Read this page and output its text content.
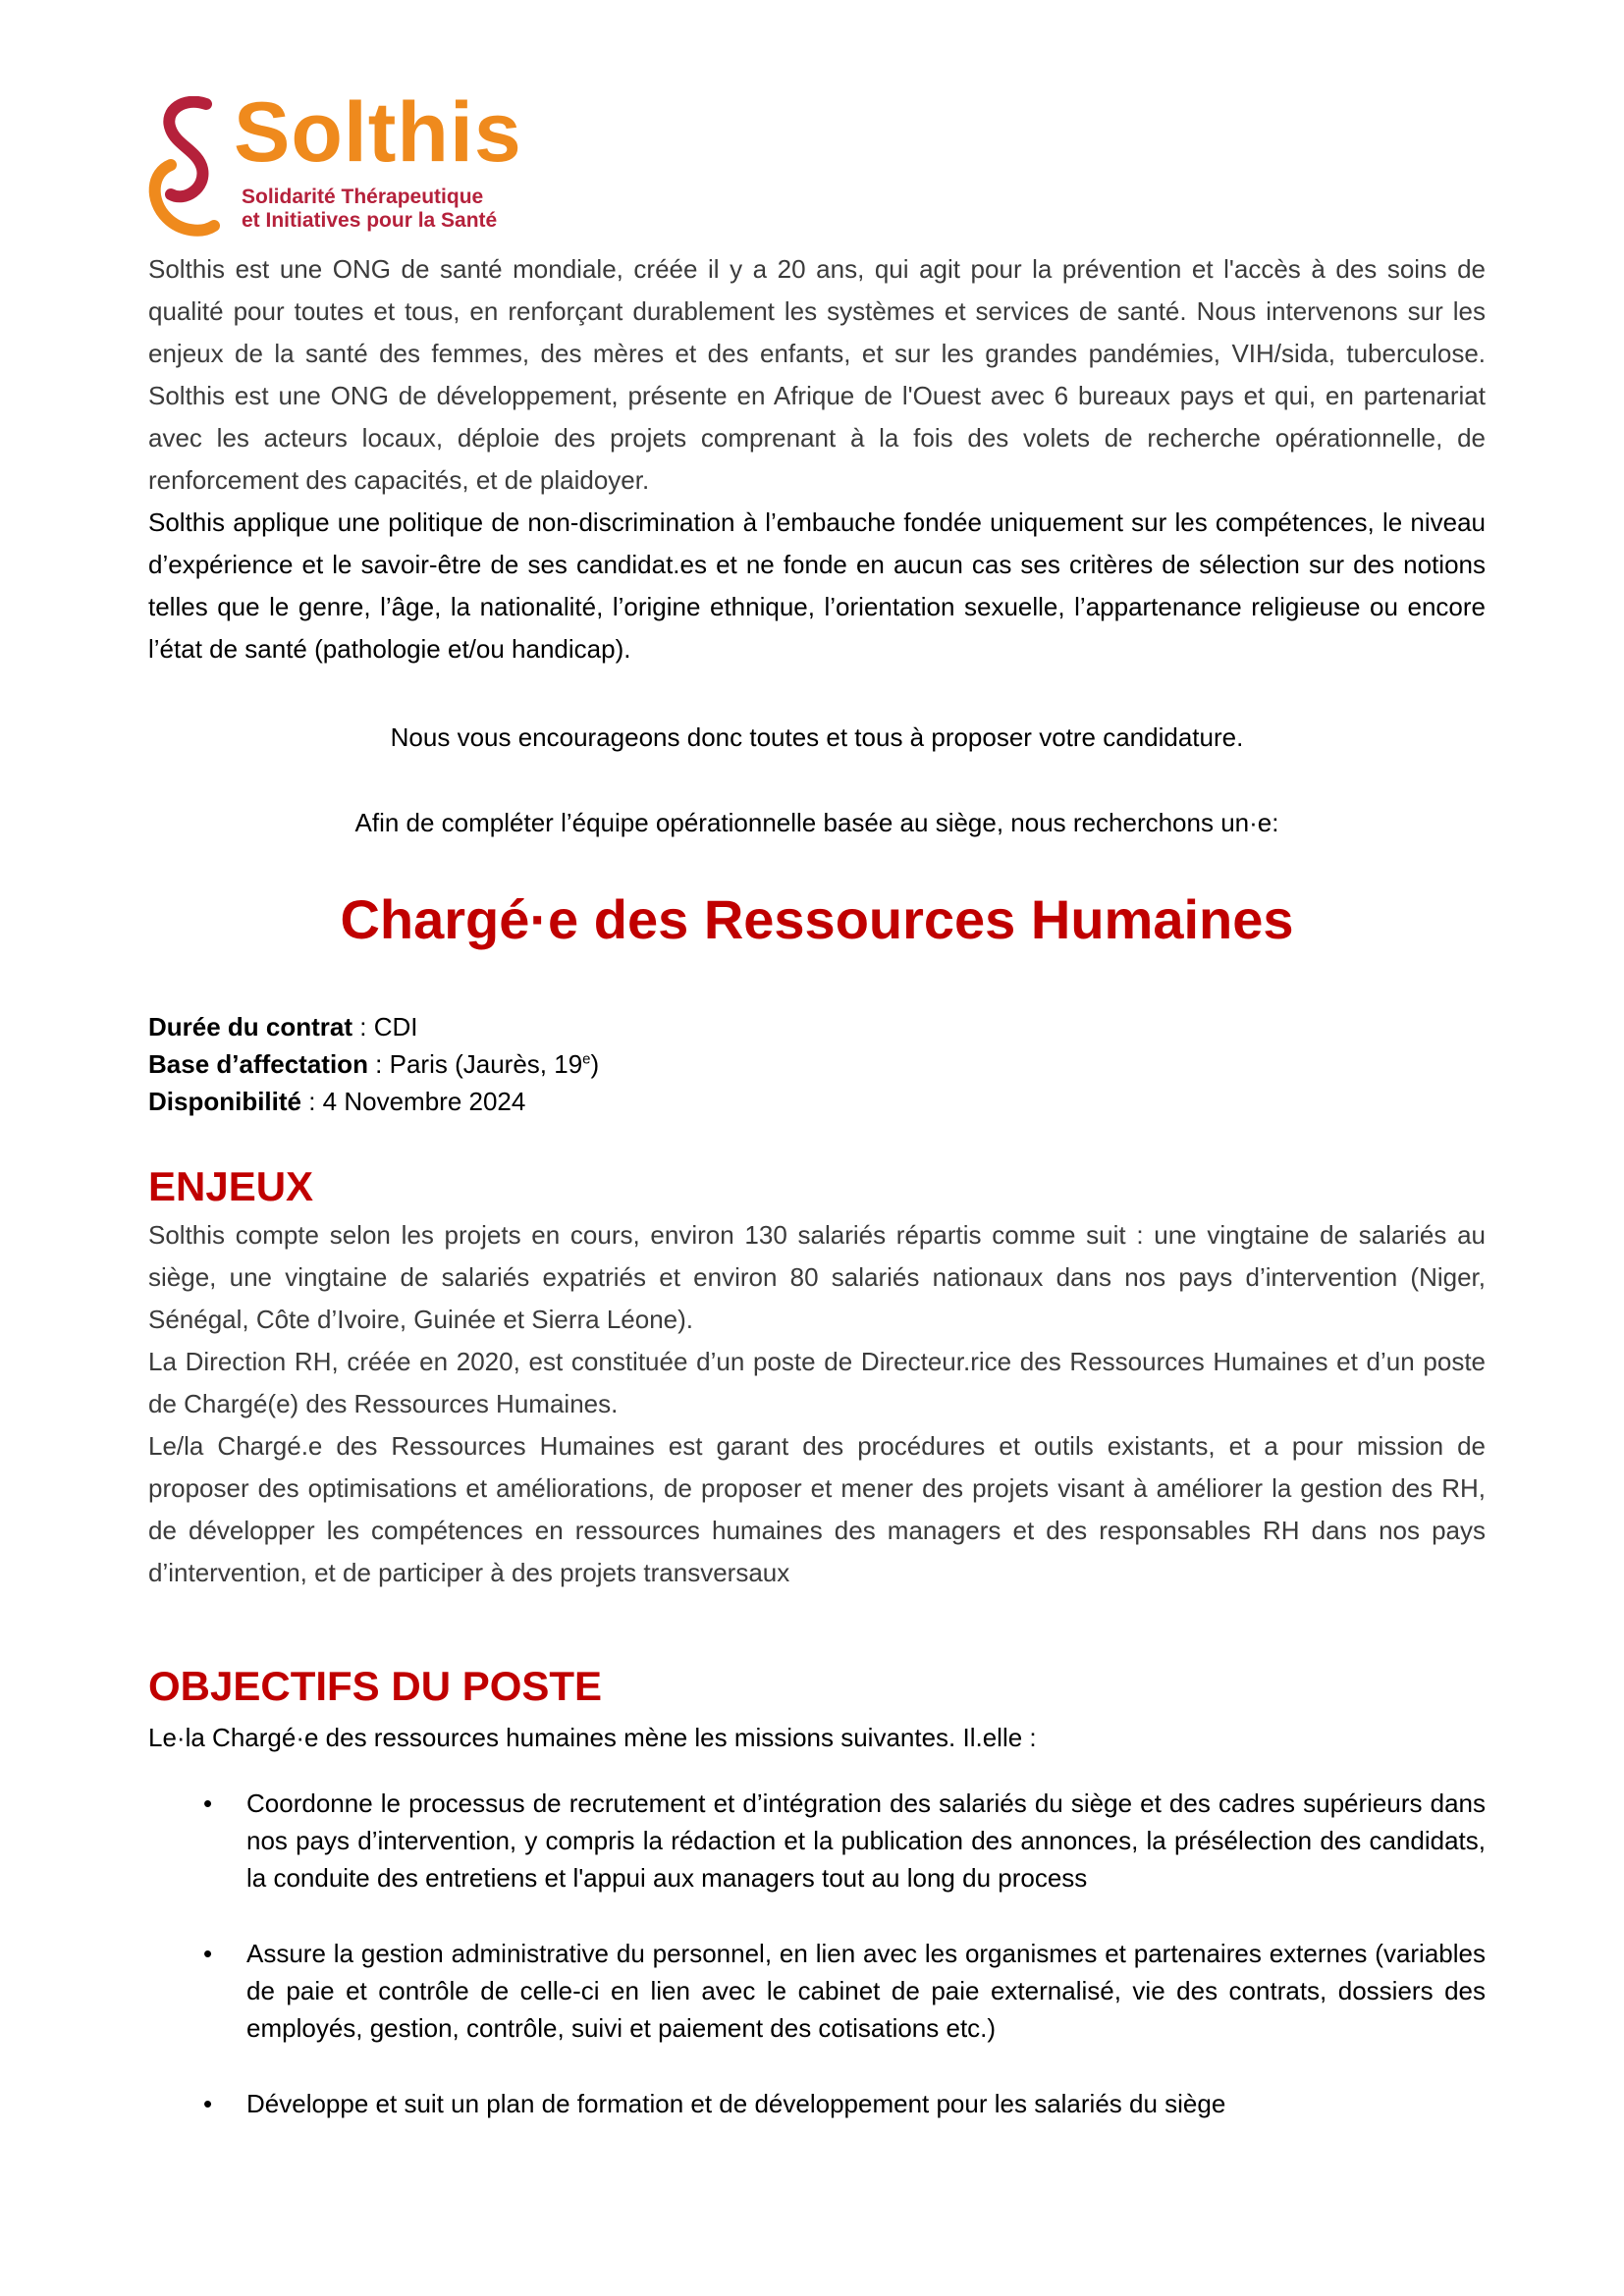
Solthis
Solidarité Thérapeutique
et Initiatives pour la Santé

Solthis est une ONG de santé mondiale, créée il y a 20 ans, qui agit pour la prévention et l'accès à des soins de qualité pour toutes et tous, en renforçant durablement les systèmes et services de santé. Nous intervenons sur les enjeux de la santé des femmes, des mères et des enfants, et sur les grandes pandémies, VIH/sida, tuberculose. Solthis est une ONG de développement, présente en Afrique de l'Ouest avec 6 bureaux pays et qui, en partenariat avec les acteurs locaux, déploie des projets comprenant à la fois des volets de recherche opérationnelle, de renforcement des capacités, et de plaidoyer.

Solthis applique une politique de non-discrimination à l’embauche fondée uniquement sur les compétences, le niveau d’expérience et le savoir-être de ses candidat.es et ne fonde en aucun cas ses critères de sélection sur des notions telles que le genre, l’âge, la nationalité, l’origine ethnique, l’orientation sexuelle, l’appartenance religieuse ou encore l’état de santé (pathologie et/ou handicap).

Nous vous encourageons donc toutes et tous à proposer votre candidature.
Afin de compléter l’équipe opérationnelle basée au siège, nous recherchons un·e:
Chargé·e des Ressources Humaines
Durée du contrat : CDI
Base d’affectation : Paris (Jaurès, 19e)
Disponibilité : 4 Novembre 2024
ENJEUX

Solthis compte selon les projets en cours, environ 130 salariés répartis comme suit : une vingtaine de salariés au siège, une vingtaine de salariés expatriés et environ 80 salariés nationaux dans nos pays d’intervention (Niger, Sénégal, Côte d’Ivoire, Guinée et Sierra Léone).

La Direction RH, créée en 2020, est constituée d’un poste de Directeur.rice des Ressources Humaines et d’un poste de Chargé(e) des Ressources Humaines.

Le/la Chargé.e des Ressources Humaines est garant des procédures et outils existants, et a pour mission de proposer des optimisations et améliorations, de proposer et mener des projets visant à améliorer la gestion des RH, de développer les compétences en ressources humaines des managers et des responsables RH dans nos pays d’intervention, et de participer à des projets transversaux

OBJECTIFS DU POSTE
Le·la Chargé·e des ressources humaines mène les missions suivantes. Il.elle :
• Coordonne le processus de recrutement et d’intégration des salariés du siège et des cadres supérieurs dans nos pays d’intervention, y compris la rédaction et la publication des annonces, la présélection des candidats, la conduite des entretiens et l'appui aux managers tout au long du process
• Assure la gestion administrative du personnel, en lien avec les organismes et partenaires externes (variables de paie et contrôle de celle-ci en lien avec le cabinet de paie externalisé, vie des contrats, dossiers des employés, gestion, contrôle, suivi et paiement des cotisations etc.)
• Développe et suit un plan de formation et de développement pour les salariés du siège
